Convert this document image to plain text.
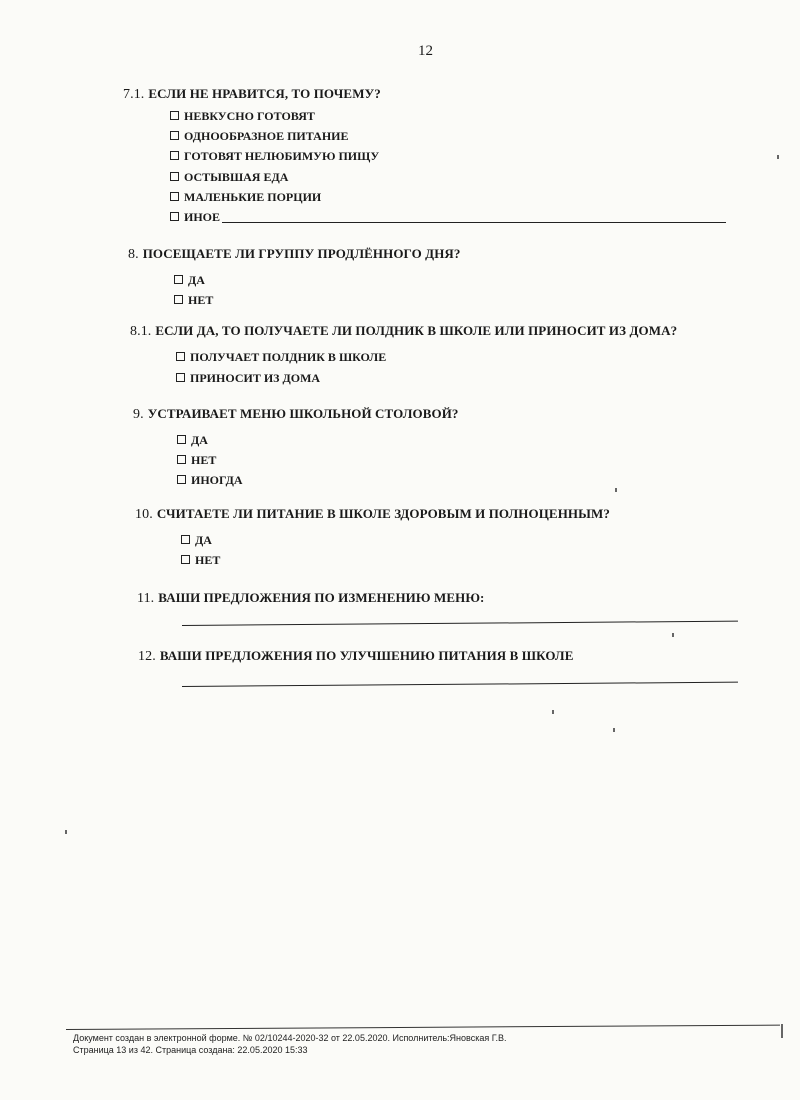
12
7.1. ЕСЛИ НЕ НРАВИТСЯ, ТО ПОЧЕМУ?
НЕВКУСНО ГОТОВЯТ
ОДНООБРАЗНОЕ ПИТАНИЕ
ГОТОВЯТ НЕЛЮБИМУЮ ПИЩУ
ОСТЫВШАЯ ЕДА
МАЛЕНЬКИЕ ПОРЦИИ
ИНОЕ
8. ПОСЕЩАЕТЕ ЛИ ГРУППУ ПРОДЛЁННОГО ДНЯ?
ДА
НЕТ
8.1. ЕСЛИ ДА, ТО ПОЛУЧАЕТЕ ЛИ ПОЛДНИК В ШКОЛЕ ИЛИ ПРИНОСИТ ИЗ ДОМА?
ПОЛУЧАЕТ ПОЛДНИК В ШКОЛЕ
ПРИНОСИТ ИЗ ДОМА
9. УСТРАИВАЕТ МЕНЮ ШКОЛЬНОЙ СТОЛОВОЙ?
ДА
НЕТ
ИНОГДА
10. СЧИТАЕТЕ ЛИ ПИТАНИЕ В ШКОЛЕ ЗДОРОВЫМ И ПОЛНОЦЕННЫМ?
ДА
НЕТ
11. ВАШИ ПРЕДЛОЖЕНИЯ ПО ИЗМЕНЕНИЮ МЕНЮ:
12. ВАШИ ПРЕДЛОЖЕНИЯ ПО УЛУЧШЕНИЮ ПИТАНИЯ В ШКОЛЕ
Документ создан в электронной форме. № 02/10244-2020-32 от 22.05.2020. Исполнитель:Яновская Г.В.
Страница 13 из 42. Страница создана: 22.05.2020 15:33
